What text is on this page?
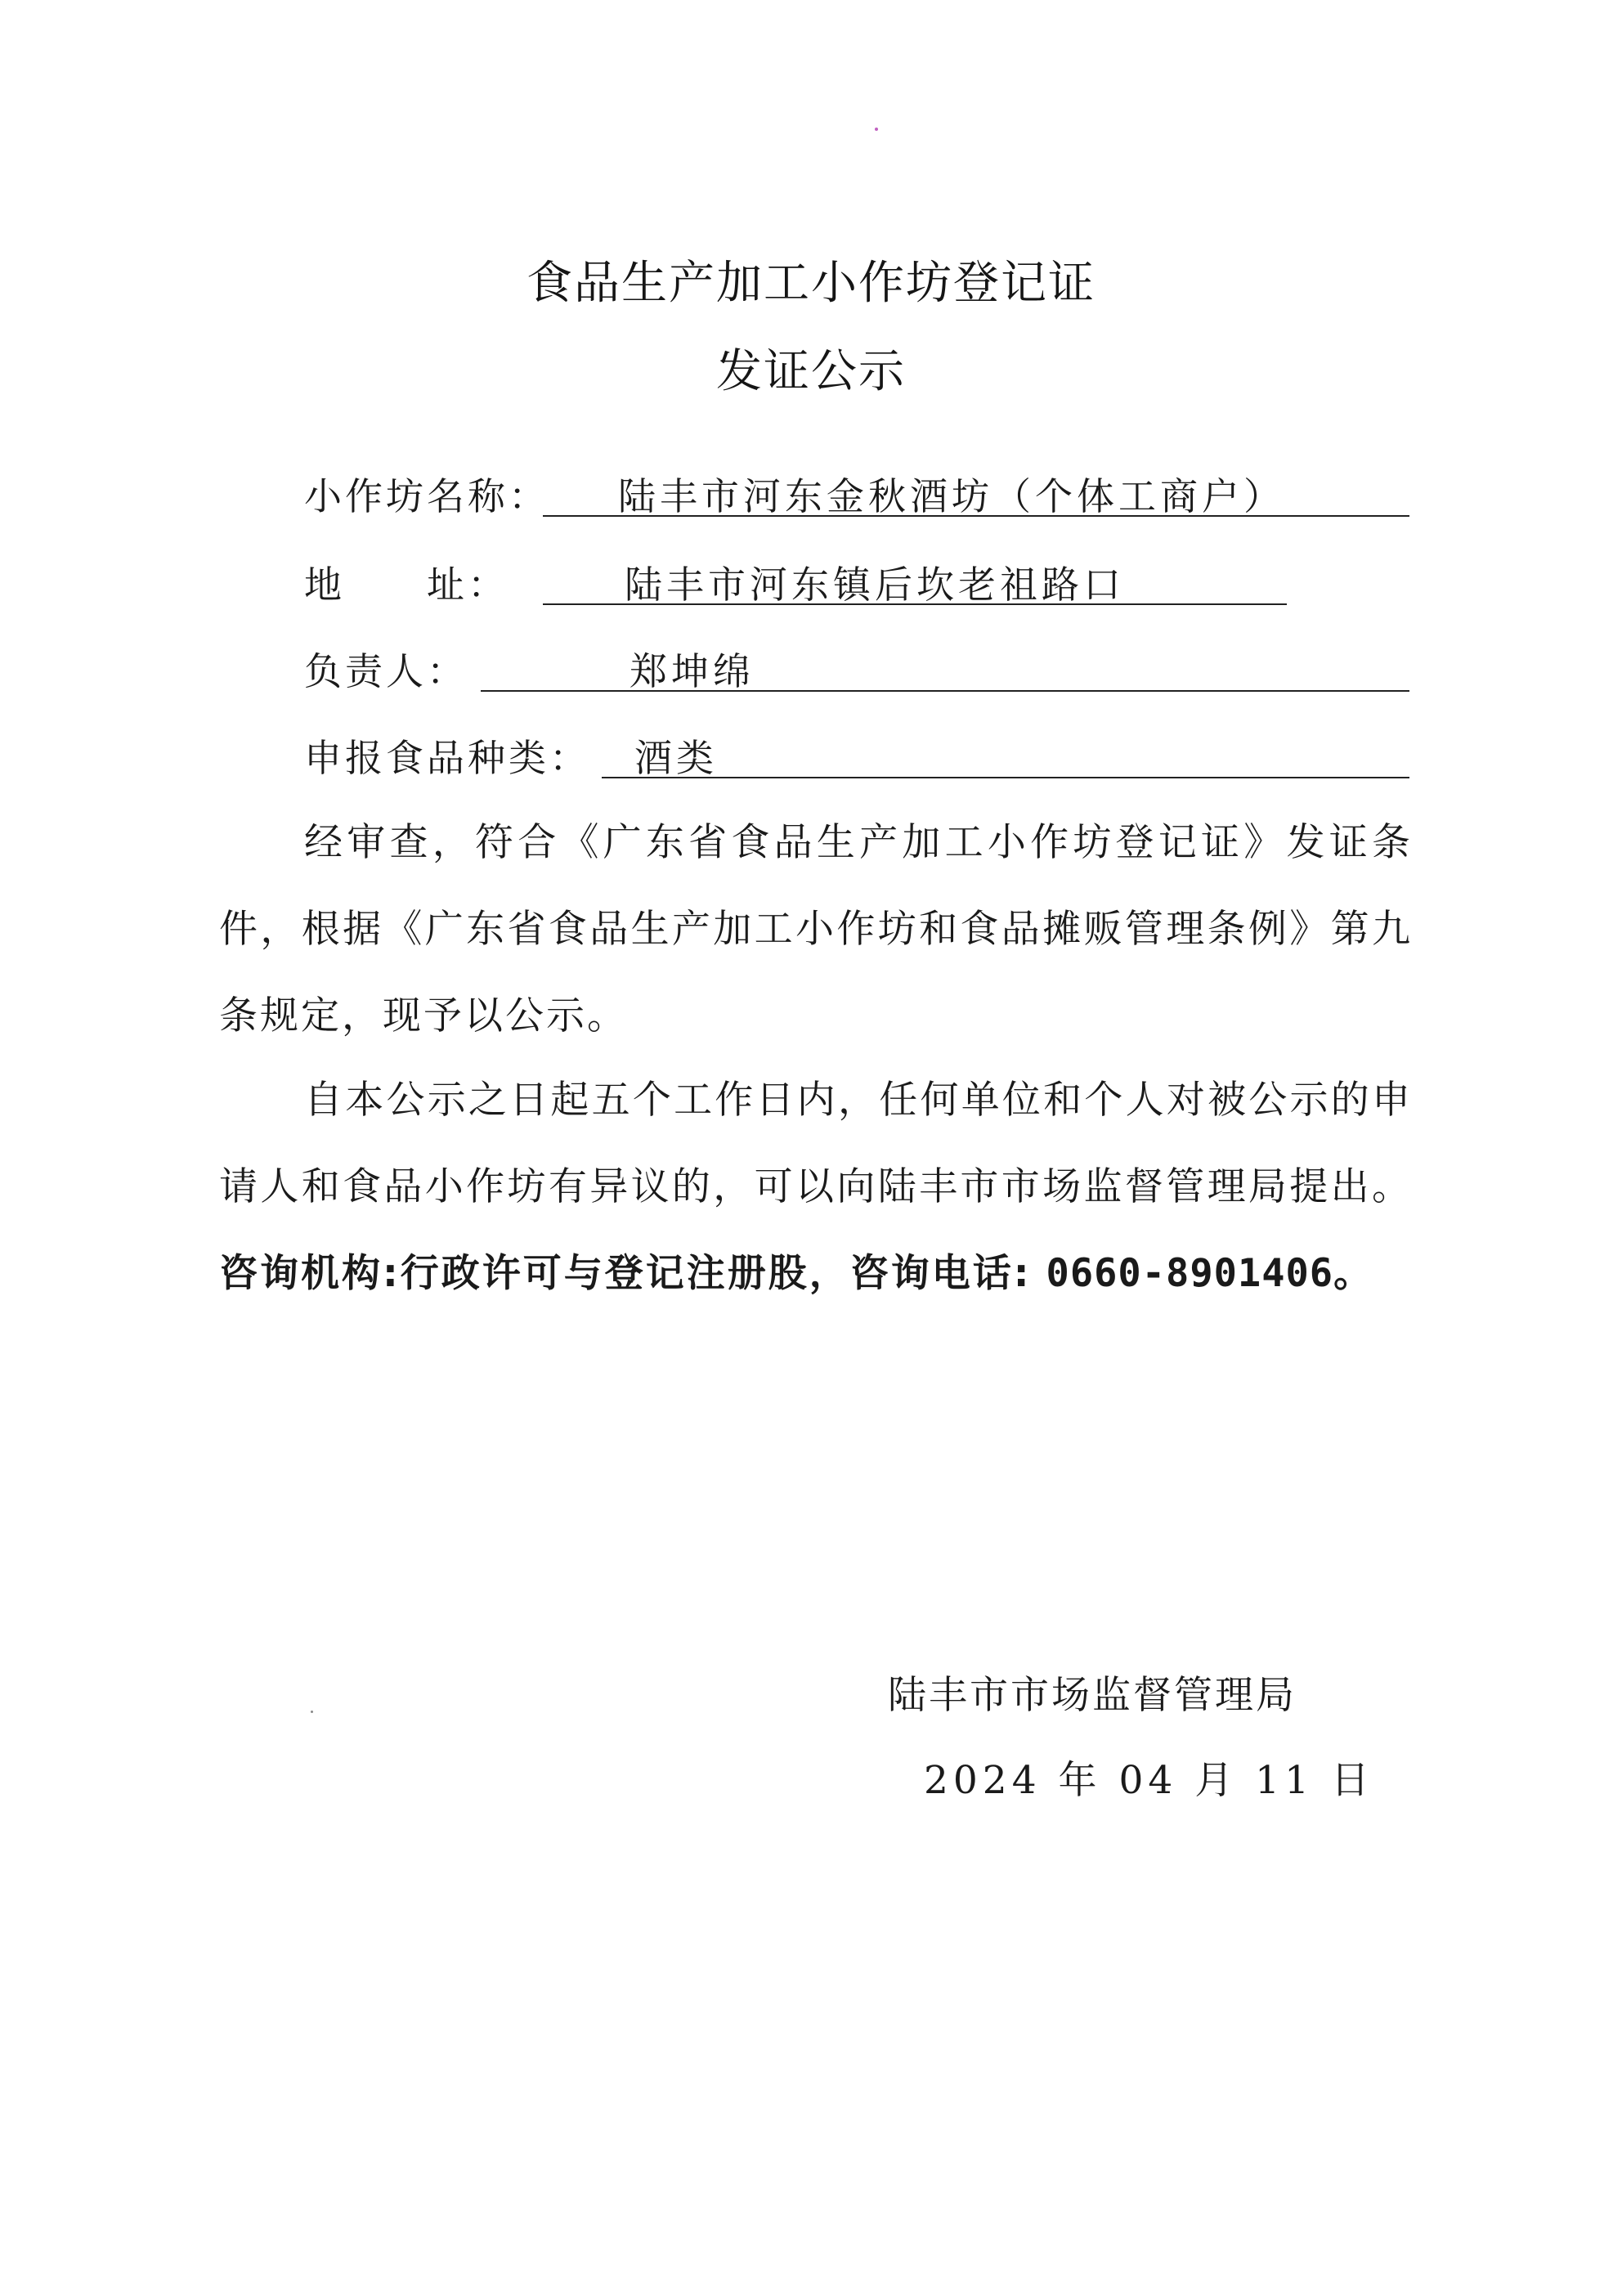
食品生产加工小作坊登记证
发证公示
小作坊名称： 陆丰市河东金秋酒坊（个体工商户）
地　　址：	陆丰市河东镇后坎老祖路口
负责人：	郑坤绵
申报食品种类： 酒类
经审查，符合《广东省食品生产加工小作坊登记证》发证条件，根据《广东省食品生产加工小作坊和食品摊贩管理条例》第九条规定，现予以公示。
自本公示之日起五个工作日内，任何单位和个人对被公示的申请人和食品小作坊有异议的，可以向陆丰市市场监督管理局提出。咨询机构:行政许可与登记注册股，咨询电话: 0660-8901406。
陆丰市市场监督管理局
2024 年 04 月 11 日
